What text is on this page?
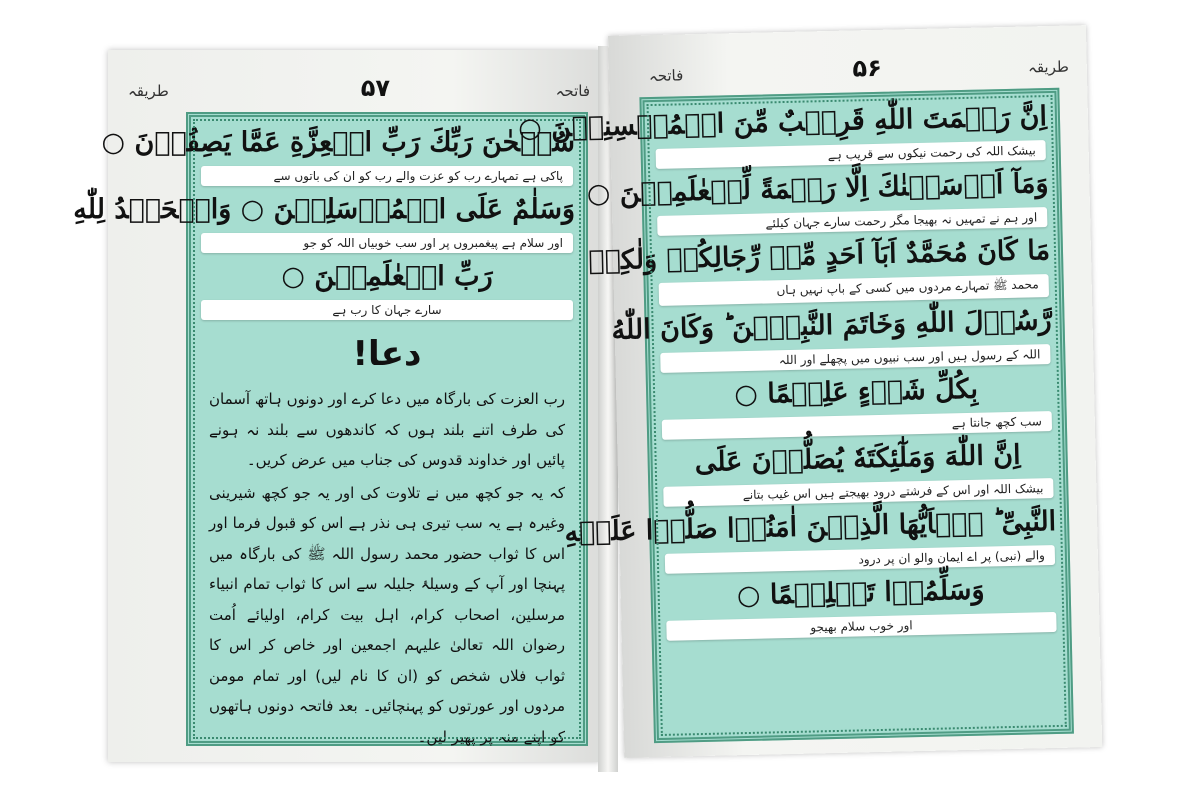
فاتحہ
۵۷
طریقہ
سُبۡحٰنَ رَبِّكَ رَبِّ الۡعِزَّةِ عَمَّا يَصِفُوۡنَ ○
پاکی ہے تمہارے رب کو عزت والے رب کو ان کی باتوں سے
وَسَلٰمٌ عَلَى الۡمُرۡسَلِيۡنَ ○ وَالۡحَمۡدُ لِلّٰهِ
اور سلام ہے پیغمبروں پر اور سب خوبیاں اللہ کو جو
رَبِّ الۡعٰلَمِيۡنَ ○
سارے جہان کا رب ہے
دعا!

رب العزت کی بارگاہ میں دعا کرے اور دونوں ہاتھ آسمان کی طرف اتنے بلند ہوں کہ کاندھوں سے بلند نہ ہونے پائیں اور خداوند قدوس کی جناب میں عرض کریں۔

کہ یہ جو کچھ میں نے تلاوت کی اور یہ جو کچھ شیرینی وغیرہ ہے یہ سب تیری ہی نذر ہے اس کو قبول فرما اور اس کا ثواب حضور محمد رسول اللہ ﷺ کی بارگاہ میں پہنچا اور آپ کے وسیلۂ جلیلہ سے اس کا ثواب تمام انبیاء مرسلین، اصحاب کرام، اہل بیت کرام، اولیائے اُمت رضوان اللہ تعالیٰ علیہم اجمعین اور خاص کر اس کا ثواب فلاں شخص کو (ان کا نام لیں) اور تمام مومن مردوں اور عورتوں کو پہنچائیں۔ بعد فاتحہ دونوں ہاتھوں کو اپنے منہ پر پھیر لیں۔

طریقہ
۵۶
فاتحہ
اِنَّ رَحۡمَتَ اللّٰهِ قَرِيۡبٌ مِّنَ الۡمُحۡسِنِيۡنَ ○
بیشک اللہ کی رحمت نیکوں سے قریب ہے
وَمَآ اَرۡسَلۡنٰكَ اِلَّا رَحۡمَةً لِّلۡعٰلَمِيۡنَ ○
اور ہم نے تمہیں نہ بھیجا مگر رحمت سارے جہان کیلئے
مَا كَانَ مُحَمَّدٌ اَبَآ اَحَدٍ مِّنۡ رِّجَالِكُمۡ وَلٰكِنۡ
محمد ﷺ تمہارے مردوں میں کسی کے باپ نہیں ہاں
رَّسُوۡلَ اللّٰهِ وَخَاتَمَ النَّبِيّٖنَ ؕ وَكَانَ اللّٰهُ
اللہ کے رسول ہیں اور سب نبیوں میں پچھلے اور اللہ
بِكُلِّ شَىۡءٍ عَلِيۡمًا ○
سب کچھ جانتا ہے
اِنَّ اللّٰهَ وَمَلٰٓئِكَتَهٗ يُصَلُّوۡنَ عَلَى
بیشک اللہ اور اس کے فرشتے درود بھیجتے ہیں اس غیب بتانے
النَّبِىِّ ؕ يٰۤاَيُّهَا الَّذِيۡنَ اٰمَنُوۡا صَلُّوۡا عَلَيۡهِ
والے (نبی) پر اے ایمان والو ان پر درود
وَسَلِّمُوۡا تَسۡلِيۡمًا ○
اور خوب سلام بھیجو
